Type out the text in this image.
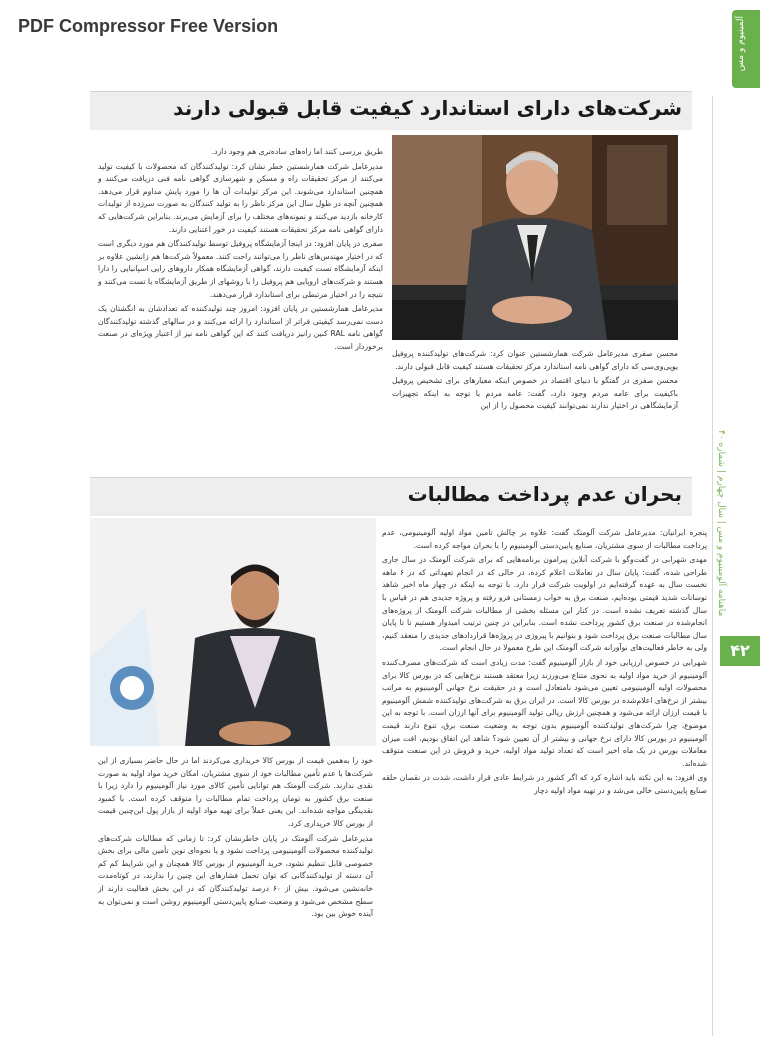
PDF Compressor Free Version	آلمینیوم و مس
ماهنامه آلومینیوم و مس | سال چهارم | شماره ۴۰
۴۲
شرکت‌های دارای استاندارد کیفیت قابل قبولی دارند

طریق بررسی کنند اما راه‌های ساده‌تری هم وجود دارد.

مدیرعامل شرکت همارشستین خطر نشان کرد: تولیدکنندگان که محصولات با کیفیت تولید می‌کنند از مرکز تحقیقات راه و مسکن و شهرسازی گواهی نامه فنی دریافت می‌کنند و همچنین استاندارد می‌شوند. این مرکز تولیدات آن ها را مورد پایش مداوم قرار می‌دهد. همچنین آنچه در طول سال این مرکز ناظر را به تولید کنندگان به صورت سرزده از تولیدات کارخانه بازدید می‌کنند و نمونه‌های مختلف را برای آزمایش می‌برند. بنابراین شرکت‌هایی که دارای گواهی نامه مرکز تحقیقات هستند کیفیت در خور اعتنایی دارند.

صفری در پایان افزود: در اینجا آزمایشگاه پروفیل توسط تولیدکنندگان هم مورد دیگری است که در اختیار مهندس‌های ناظر را می‌توانند راحت کنند. معمولاً شرکت‌ها هم زانشین علاوه بر اینکه آزمایشگاه تست کیفیت دارند، گواهی آزمایشگاه همکار داروهای رایی اسپانیایی را دارا هستند و شرکت‌های اروپایی هم پروفیل را با روشهای از طریق آزمایشگاه با تست می‌کنند و نتیجه را در اختیار مرتبطی برای استاندارد قرار می‌دهند.

مدیرعامل همارشستین در پایان افزود: امروز چند تولیدکننده که تعدادشان به انگشتان یک دست نمی‌رسد کیفیتی فراتر از استاندارد را ارائه می‌کنند و در سالهای گذشته تولیدکنندگان گواهی نامه RAL کنین رانیز دریافت کنند که این گواهی نامه نیز از اعتبار ویژه‌ای در صنعت برخوردار است.

محسن صفری مدیرعامل شرکت همارشستین عنوان کرد: شرکت‌های تولیدکننده پروفیل یوپی‌وی‌سی که دارای گواهی نامه استاندارد مرکز تحقیقات هستند کیفیت قابل قبولی دارند.

محسن صفری در گفتگو با دنیای اقتصاد در خصوص اینکه معیارهای برای تشخیص پروفیل باکیفیت برای عامه مردم وجود دارد، گفت: عامه مردم با توجه به اینکه تجهیزات آزمایشگاهی در اختیار ندارند نمی‌توانند کیفیت محصول را از این

بحران عدم پرداخت مطالبات

پنجره ایرانیان: مدیرعامل شرکت آلومتک گفت: علاوه بر چالش تامین مواد اولیه آلومینیومی، عدم پرداخت مطالبات از سوی مشتریان، صنایع پایین‌دستی آلومینیوم را با بحران مواجه کرده است.

مهدی شهرابی در گفت‌وگو با شرکت آنلاین پیرامون برنامه‌هایی که برای شرکت آلومتک در سال جاری طراحی شده، گفت: پایان سال در تعاملات اعلام کرده، در حالی که در انجام تعهداتی که در ۶ ماهه نخست سال به عهده گرفته‌ایم در اولویت شرکت قرار دارد. با توجه به اینکه در چهار ماه اخیر شاهد نوسانات شدید قیمتی بوده‌ایم، صنعت برق به خواب زمستانی فرو رفته و پروژه جدیدی هم در قیاس با سال گذشته تعریف نشده است. در کنار این مسئله بخشی از مطالبات شرکت آلومتک از پروژه‌های انجام‌شده در صنعت برق کشور پرداخت نشده است. بنابراین در چنین ترتیب امیدوار هستیم تا تا پایان سال مطالبات صنعت برق پرداخت شود و بتوانیم با پیروزی در پروژه‌ها قراردادهای جدیدی را منعقد کنیم، ولی به خاطر فعالیت‌های نوآورانه شرکت آلومتک این طرح معمولا در حال انجام است.

شهرابی در خصوص ارزیابی خود از بازار آلومینیوم گفت: مدت زیادی است که شرکت‌های مصرف‌کننده آلومینیوم از خرید مواد اولیه به نحوی متناع می‌ورزند زیرا معتقد هستند نرخ‌هایی که در بورس کالا برای محصولات اولیه آلومینیومی تعیین می‌شود نامتعادل است و در حقیقت نرخ جهانی آلومینیوم به مراتب بیشتر از نرخ‌های اعلام‌شده در بورس کالا است. در ایران برق به شرکت‌های تولیدکننده شمش آلومینیوم با قیمت ارزان ارائه می‌شود و همچنین ارزش ریالی تولید آلومینیوم برای آنها ارزان است. با توجه به این موضوع، چرا شرکت‌های تولیدکننده آلومینیوم بدون توجه به وضعیت صنعت برق، تنوع دارند قیمت آلومینیوم در بورس کالا دارای نرخ جهانی و بیشتر از آن تعیین شود؟ شاهد این اتفاق بودیم، افت میزان معاملات بورس در یک ماه اخیر است که تعداد تولید مواد اولیه، خرید و فروش در این صنعت متوقف شده‌اند.

وی افزود: به این نکته باید اشاره کرد که اگر کشور در شرایط عادی قرار داشت، شدت در نقصان حلقه صنایع پایین‌دستی خالی می‌شد و در تهیه مواد اولیه دچار

خود را به‌همین قیمت از بورس کالا خریداری می‌کردند اما در حال حاضر بسیاری از این شرکت‌ها با عدم تأمین مطالبات خود از سوی مشتریان، امکان خرید مواد اولیه به صورت نقدی ندارند. شرکت آلومتک هم توانایی تأمین کالای مورد نیاز آلومینیوم را دارد زیرا با صنعت برق کشور به تومان پرداخت تمام مطالبات را متوقف کرده است. با کمبود نقدینگی مواجه شده‌اند. این یعنی عملاً برای تهیه مواد اولیه از بازار پول این‌چنین قیمت از بورس کالا خریداری کرد.

مدیرعامل شرکت آلومتک در پایان خاطرنشان کرد: تا زمانی که مطالبات شرکت‌های تولیدکننده محصولات آلومینیومی پرداخت نشود و یا نحوه‌ای نوین تأمین مالی برای بخش خصوصی قابل تنظیم نشود، خرید آلومینیوم از بورس کالا همچنان و این شرایط کم کم آن دسته از تولیدکنندگانی که توان تحمل فشارهای این چنین را ندارند، در کوتاه‌مدت خانه‌نشین می‌شود. بیش از ۶۰ درصد تولیدکنندگان که در این بخش فعالیت دارند از سطح مشخص می‌شود و وضعیت صنایع پایین‌دستی آلومینیوم روشن است و نمی‌توان به آینده خوش بین بود.
